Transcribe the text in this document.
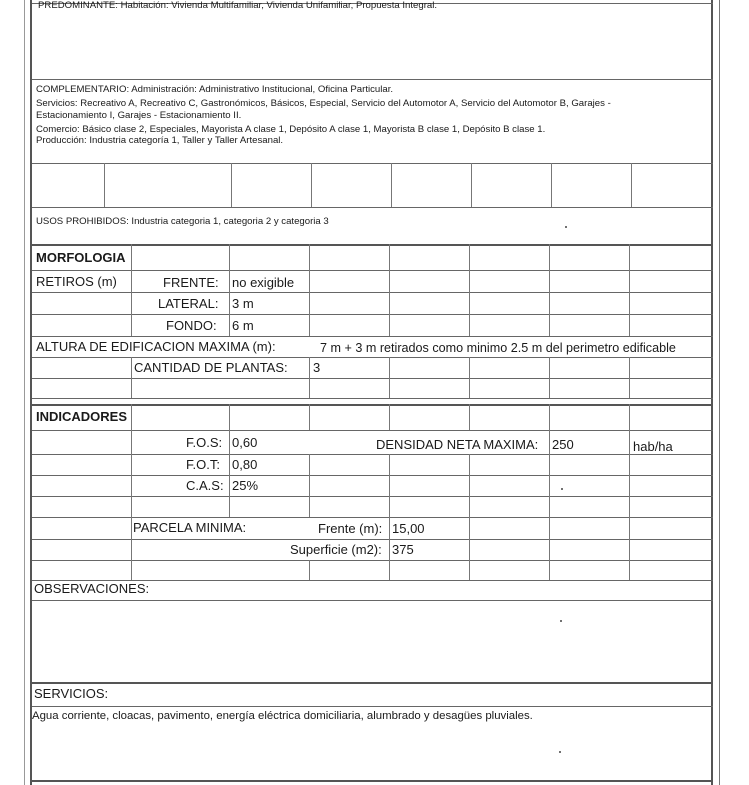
PREDOMINANTE: Habitación: Vivienda Multifamiliar, Vivienda Unifamiliar, Propuesta Integral.
COMPLEMENTARIO: Administración: Administrativo Institucional, Oficina Particular.
Servicios: Recreativo A, Recreativo C, Gastronómicos, Básicos, Especial, Servicio del Automotor A, Servicio del Automotor B, Garajes -
Estacionamiento I, Garajes - Estacionamiento II.
Comercio: Básico clase 2, Especiales, Mayorista A clase 1, Depósito A clase 1, Mayorista B clase 1, Depósito B clase 1.
Producción: Industria categoría 1, Taller y Taller Artesanal.
USOS PROHIBIDOS: Industria categoria 1, categoria 2 y categoria 3
MORFOLOGIA
RETIROS (m)	FRENTE: no exigible
LATERAL: 3 m
FONDO: 6 m
ALTURA DE EDIFICACION MAXIMA (m):	7 m + 3 m retirados como minimo 2.5 m del perimetro edificable
CANTIDAD DE PLANTAS: 3
INDICADORES
F.O.S: 0,60	DENSIDAD NETA MAXIMA: 250	hab/ha
F.O.T: 0,80
C.A.S: 25%
PARCELA MINIMA:	Frente (m): 15,00
Superficie (m2): 375
OBSERVACIONES:
SERVICIOS:
Agua corriente, cloacas, pavimento, energía eléctrica domiciliaria, alumbrado y desagües pluviales.
